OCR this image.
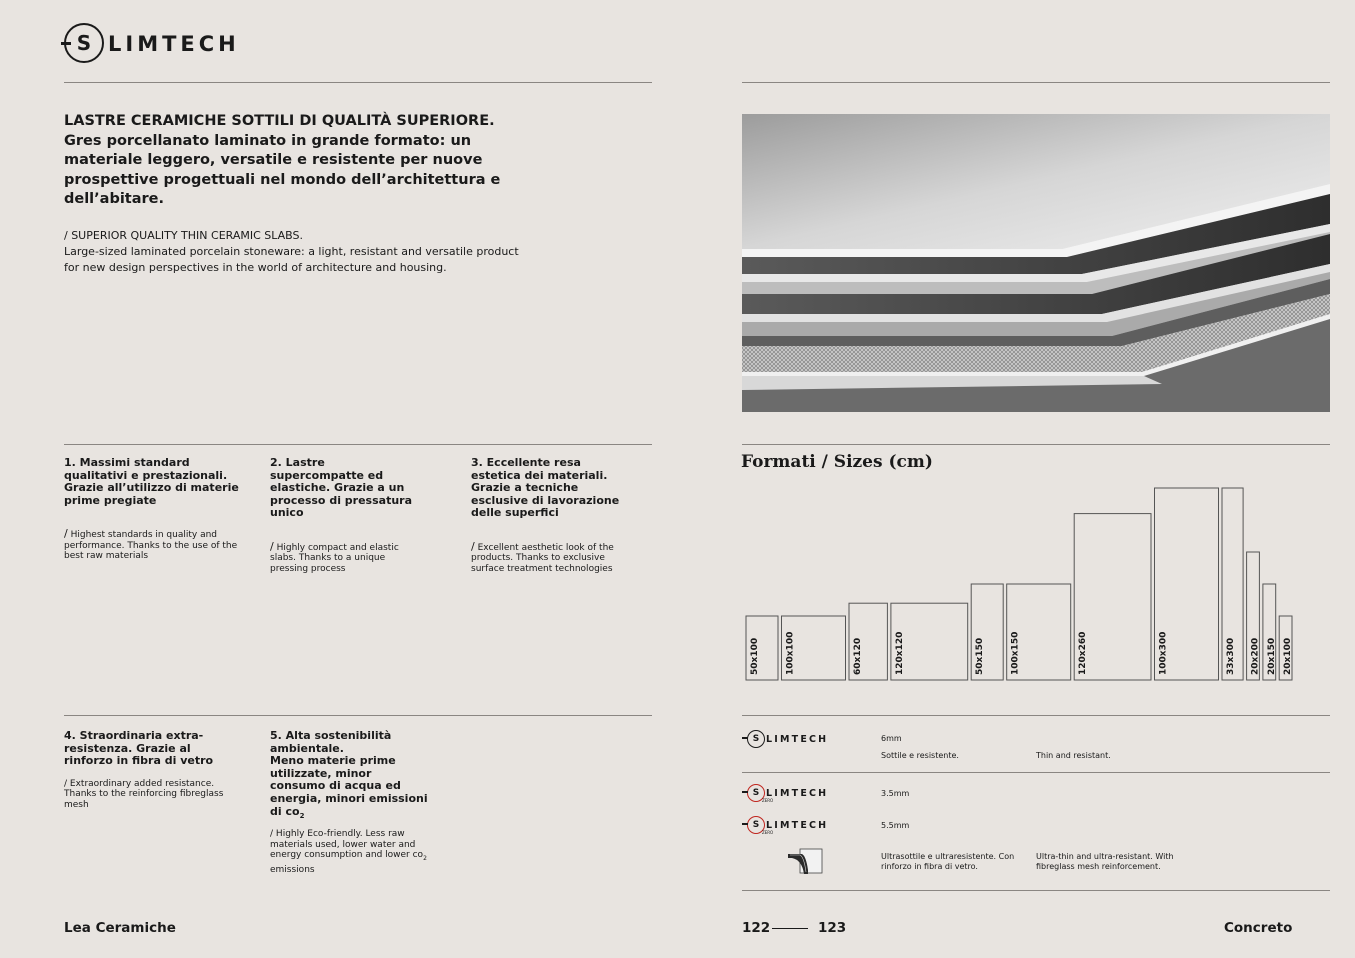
S LIMTECH
LASTRE CERAMICHE SOTTILI DI QUALITÀ SUPERIORE.
Gres porcellanato laminato in grande formato: un materiale leggero, versatile e resistente per nuove prospettive progettuali nel mondo dell’architettura e dell’abitare.
/ SUPERIOR QUALITY THIN CERAMIC SLABS.
Large-sized laminated porcelain stoneware: a light, resistant and versatile product for new design perspectives in the world of architecture and housing.
1. Massimi standard qualitativi e prestazionali. Grazie all’utilizzo di materie prime pregiate
/ Highest standards in quality and performance. Thanks to the use of the best raw materials
2. Lastre supercompatte ed elastiche. Grazie a un processo di pressatura unico
/ Highly compact and elastic slabs. Thanks to a unique pressing process
3. Eccellente resa estetica dei materiali. Grazie a tecniche esclusive di lavorazione delle superfici
/ Excellent aesthetic look of the products. Thanks to exclusive surface treatment technologies
4. Straordinaria extra-resistenza. Grazie al rinforzo in fibra di vetro
/ Extraordinary added resistance. Thanks to the reinforcing fibreglass mesh
5. Alta sostenibilità ambientale.
Meno materie prime utilizzate, minor consumo di acqua ed energia, minori emissioni di $co_2$
/ Highly Eco-friendly. Less raw materials used, lower water and energy consumption and lower $co_2$ emissions
Formati / Sizes (cm)
50x100	100x100	60x120	120x120	50x150	100x150	120x260	100x300	33x300 20x200 20x150 20x100
S LIMTECH	6mm
Sottile e resistente.	Thin and resistant.
S LIMTECH
ZERO
3.5mm
S LIMTECH
ZERO
5.5mm
Ultrasottile e ultraresistente. Con rinforzo in fibra di vetro.
Ultra-thin and ultra-resistant. With fibreglass mesh reinforcement.
Lea Ceramiche	122	123	Concreto
